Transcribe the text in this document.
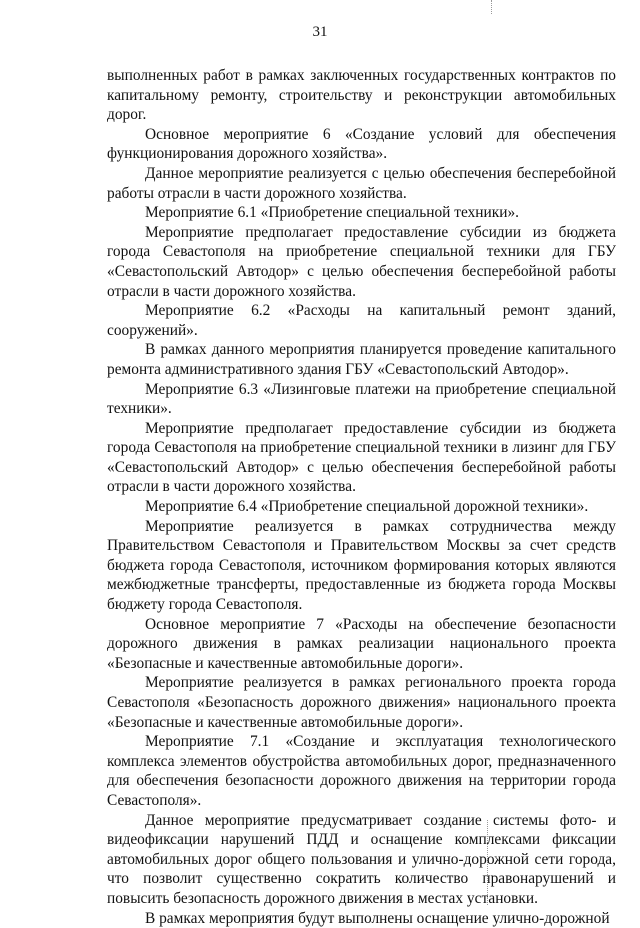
31

выполненных работ в рамках заключенных государственных контрактов по капитальному ремонту, строительству и реконструкции автомобильных дорог.

Основное мероприятие 6 «Создание условий для обеспечения функционирования дорожного хозяйства».

Данное мероприятие реализуется с целью обеспечения бесперебойной работы отрасли в части дорожного хозяйства.

Мероприятие 6.1 «Приобретение специальной техники».

Мероприятие предполагает предоставление субсидии из бюджета города Севастополя на приобретение специальной техники для ГБУ «Севастопольский Автодор» с целью обеспечения бесперебойной работы отрасли в части дорожного хозяйства.

Мероприятие 6.2 «Расходы на капитальный ремонт зданий, сооружений».

В рамках данного мероприятия планируется проведение капитального ремонта административного здания ГБУ «Севастопольский Автодор».

Мероприятие 6.3 «Лизинговые платежи на приобретение специальной техники».

Мероприятие предполагает предоставление субсидии из бюджета города Севастополя на приобретение специальной техники в лизинг для ГБУ «Севастопольский Автодор» с целью обеспечения бесперебойной работы отрасли в части дорожного хозяйства.

Мероприятие 6.4 «Приобретение специальной дорожной техники».

Мероприятие реализуется в рамках сотрудничества между Правительством Севастополя и Правительством Москвы за счет средств бюджета города Севастополя, источником формирования которых являются межбюджетные трансферты, предоставленные из бюджета города Москвы бюджету города Севастополя.

Основное мероприятие 7 «Расходы на обеспечение безопасности дорожного движения в рамках реализации национального проекта «Безопасные и качественные автомобильные дороги».

Мероприятие реализуется в рамках регионального проекта города Севастополя «Безопасность дорожного движения» национального проекта «Безопасные и качественные автомобильные дороги».

Мероприятие 7.1 «Создание и эксплуатация технологического комплекса элементов обустройства автомобильных дорог, предназначенного для обеспечения безопасности дорожного движения на территории города Севастополя».

Данное мероприятие предусматривает создание системы фото- и видеофиксации нарушений ПДД и оснащение комплексами фиксации автомобильных дорог общего пользования и улично-дорожной сети города, что позволит существенно сократить количество правонарушений и повысить безопасность дорожного движения в местах установки.

В рамках мероприятия будут выполнены оснащение улично-дорожной
